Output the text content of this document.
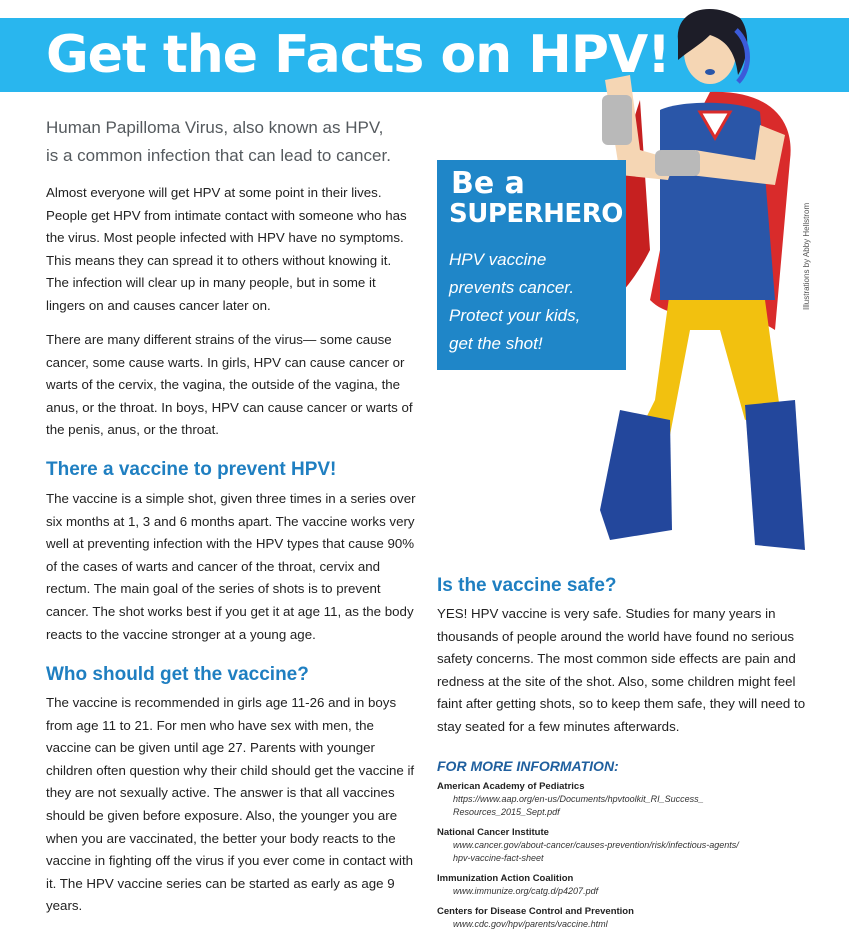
Get the Facts on HPV!

Human Papilloma Virus, also known as HPV,
is a common infection that can lead to cancer.

Almost everyone will get HPV at some point in their lives. People get HPV from intimate contact with someone who has the virus. Most people infected with HPV have no symptoms. This means they can spread it to others without knowing it. The infection will clear up in many people, but in some it lingers on and causes cancer later on.

There are many different strains of the virus— some cause cancer, some cause warts. In girls, HPV can cause cancer or warts of the cervix, the vagina, the outside of the vagina, the anus, or the throat. In boys, HPV can cause cancer or warts of the penis, anus, or the throat.

There a vaccine to prevent HPV!

The vaccine is a simple shot, given three times in a series over six months at 1, 3 and 6 months apart. The vaccine works very well at preventing infection with the HPV types that cause 90% of the cases of warts and cancer of the throat, cervix and rectum. The main goal of the series of shots is to prevent cancer. The shot works best if you get it at age 11, as the body reacts to the vaccine stronger at a young age.

Who should get the vaccine?

The vaccine is recommended in girls age 11-26 and in boys from age 11 to 21. For men who have sex with men, the vaccine can be given until age 27. Parents with younger children often question why their child should get the vaccine if they are not sexually active. The answer is that all vaccines should be given before exposure. Also, the younger you are when you are vaccinated, the better your body reacts to the vaccine in fighting off the virus if you ever come in contact with it. The HPV vaccine series can be started as early as age 9 years.

Illustrations by Abby Hellstrom

Be a

SUPERHERO

HPV vaccine
prevents cancer.
Protect your kids,
get the shot!

Is the vaccine safe?

YES! HPV vaccine is very safe. Studies for many years in thousands of people around the world have found no serious safety concerns. The most common side effects are pain and redness at the site of the shot. Also, some children might feel faint after getting shots, so to keep them safe, they will need to stay seated for a few minutes afterwards.

FOR MORE INFORMATION:

American Academy of Pediatrics
https://www.aap.org/en-us/Documents/hpvtoolkit_RI_Success_
Resources_2015_Sept.pdf
National Cancer Institute
www.cancer.gov/about-cancer/causes-prevention/risk/infectious-agents/
hpv-vaccine-fact-sheet
Immunization Action Coalition
www.immunize.org/catg.d/p4207.pdf
Centers for Disease Control and Prevention
www.cdc.gov/hpv/parents/vaccine.html
